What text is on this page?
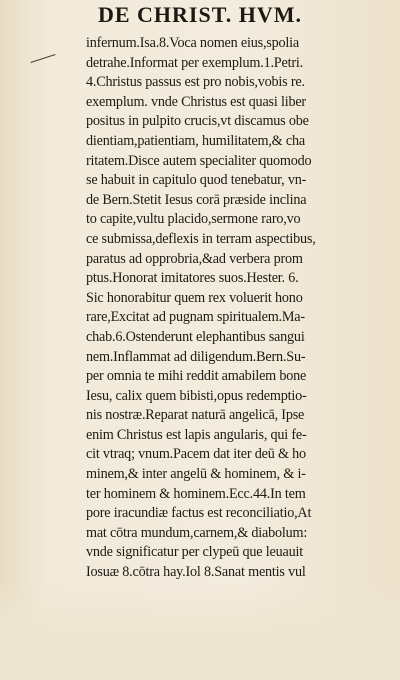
DE CHRIST. HVM.
infernum.Isa.8.Voca nomen eius,spolia
detrahe.Informat per exemplum.1.Petri.
4.Christus passus est pro nobis,vobis re.
exemplum. vnde Christus est quasi liber
positus in pulpito crucis,vt discamus obe
dientiam,patientiam, humilitatem,& cha
ritatem.Disce autem specialiter quomodo
se habuit in capitulo quod tenebatur, vn-
de Bern.Stetit Iesus corā præside inclina
to capite,vultu placido,sermone raro,vo
ce submissa,deflexis in terram aspectibus,
paratus ad opprobria,&ad verbera prom
ptus.Honorat imitatores suos.Hester. 6.
Sic honorabitur quem rex voluerit hono
rare,Excitat ad pugnam spiritualem.Ma-
chab.6.Ostenderunt elephantibus sangui
nem.Inflammat ad diligendum.Bern.Su-
per omnia te mihi reddit amabilem bone
Iesu, calix quem bibisti,opus redemptio-
nis nostræ.Reparat naturā angelicā, Ipse
enim Christus est lapis angularis, qui fe-
cit vtraq; vnum.Pacem dat iter deū & ho
minem,& inter angelū & hominem, & i-
ter hominem & hominem.Ecc.44.In tem
pore iracundiæ factus est reconciliatio,At
mat cōtra mundum,carnem,& diabolum:
vnde significatur per clypeū que leuauit
Iosuæ 8.cōtra hay.Iol 8.Sanat mentis vul
